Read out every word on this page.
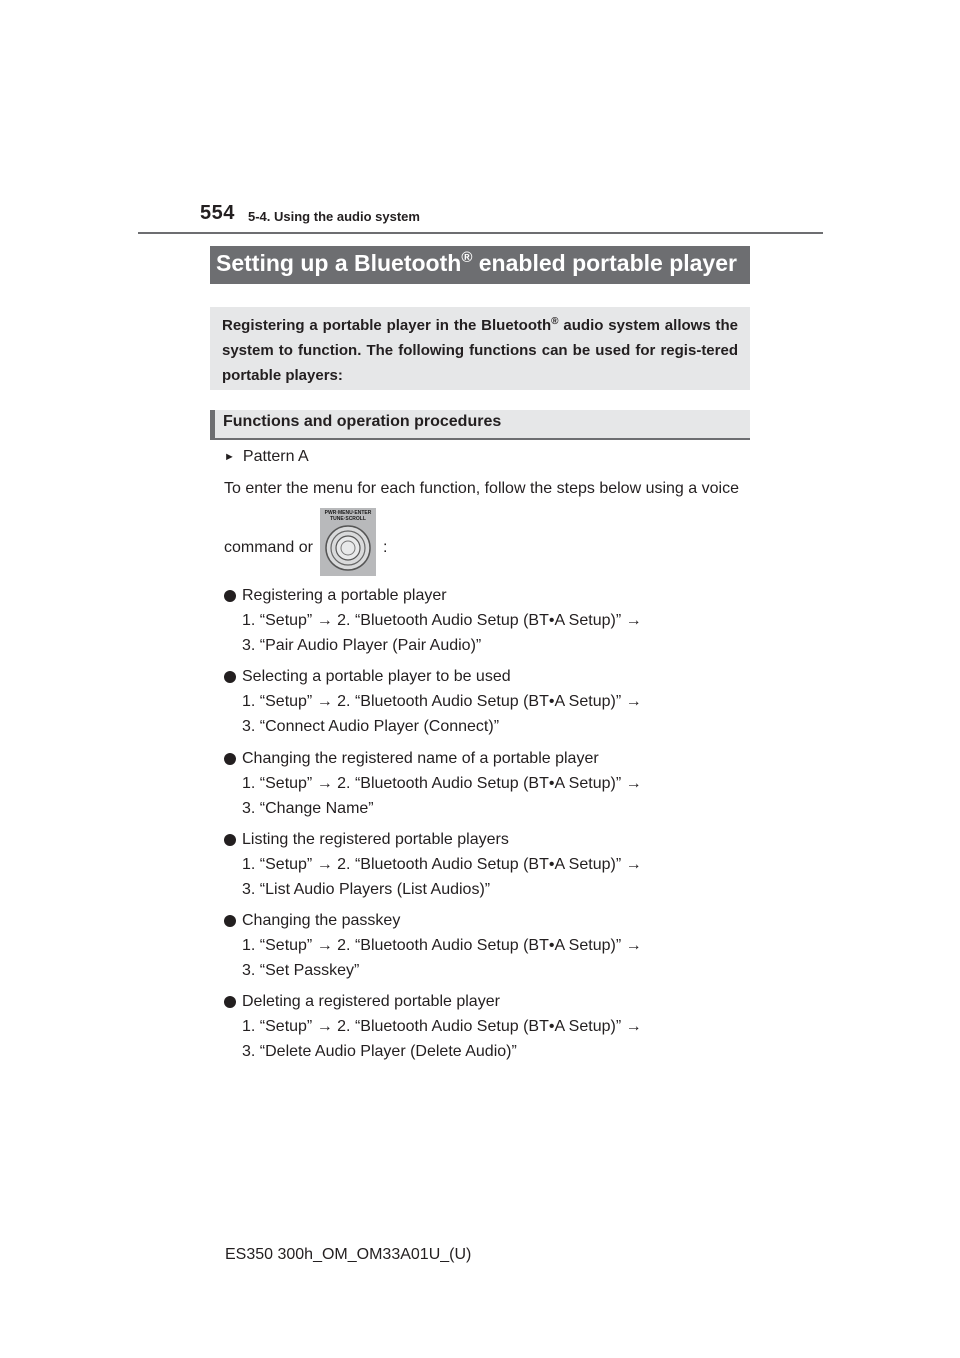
554 5-4. Using the audio system
Setting up a Bluetooth® enabled portable player
Registering a portable player in the Bluetooth® audio system allows the system to function. The following functions can be used for regis-tered portable players:
Functions and operation procedures
► Pattern A
To enter the menu for each function, follow the steps below using a voice
command or
PWR·MENU·ENTER
TUNE·SCROLL
:
Registering a portable player
1. “Setup” → 2. “Bluetooth Audio Setup (BT•A Setup)” →
3. “Pair Audio Player (Pair Audio)”
Selecting a portable player to be used
1. “Setup” → 2. “Bluetooth Audio Setup (BT•A Setup)” →
3. “Connect Audio Player (Connect)”
Changing the registered name of a portable player
1. “Setup” → 2. “Bluetooth Audio Setup (BT•A Setup)” →
3. “Change Name”
Listing the registered portable players
1. “Setup” → 2. “Bluetooth Audio Setup (BT•A Setup)” →
3. “List Audio Players (List Audios)”
Changing the passkey
1. “Setup” → 2. “Bluetooth Audio Setup (BT•A Setup)” →
3. “Set Passkey”
Deleting a registered portable player
1. “Setup” → 2. “Bluetooth Audio Setup (BT•A Setup)” →
3. “Delete Audio Player (Delete Audio)”
ES350 300h_OM_OM33A01U_(U)
